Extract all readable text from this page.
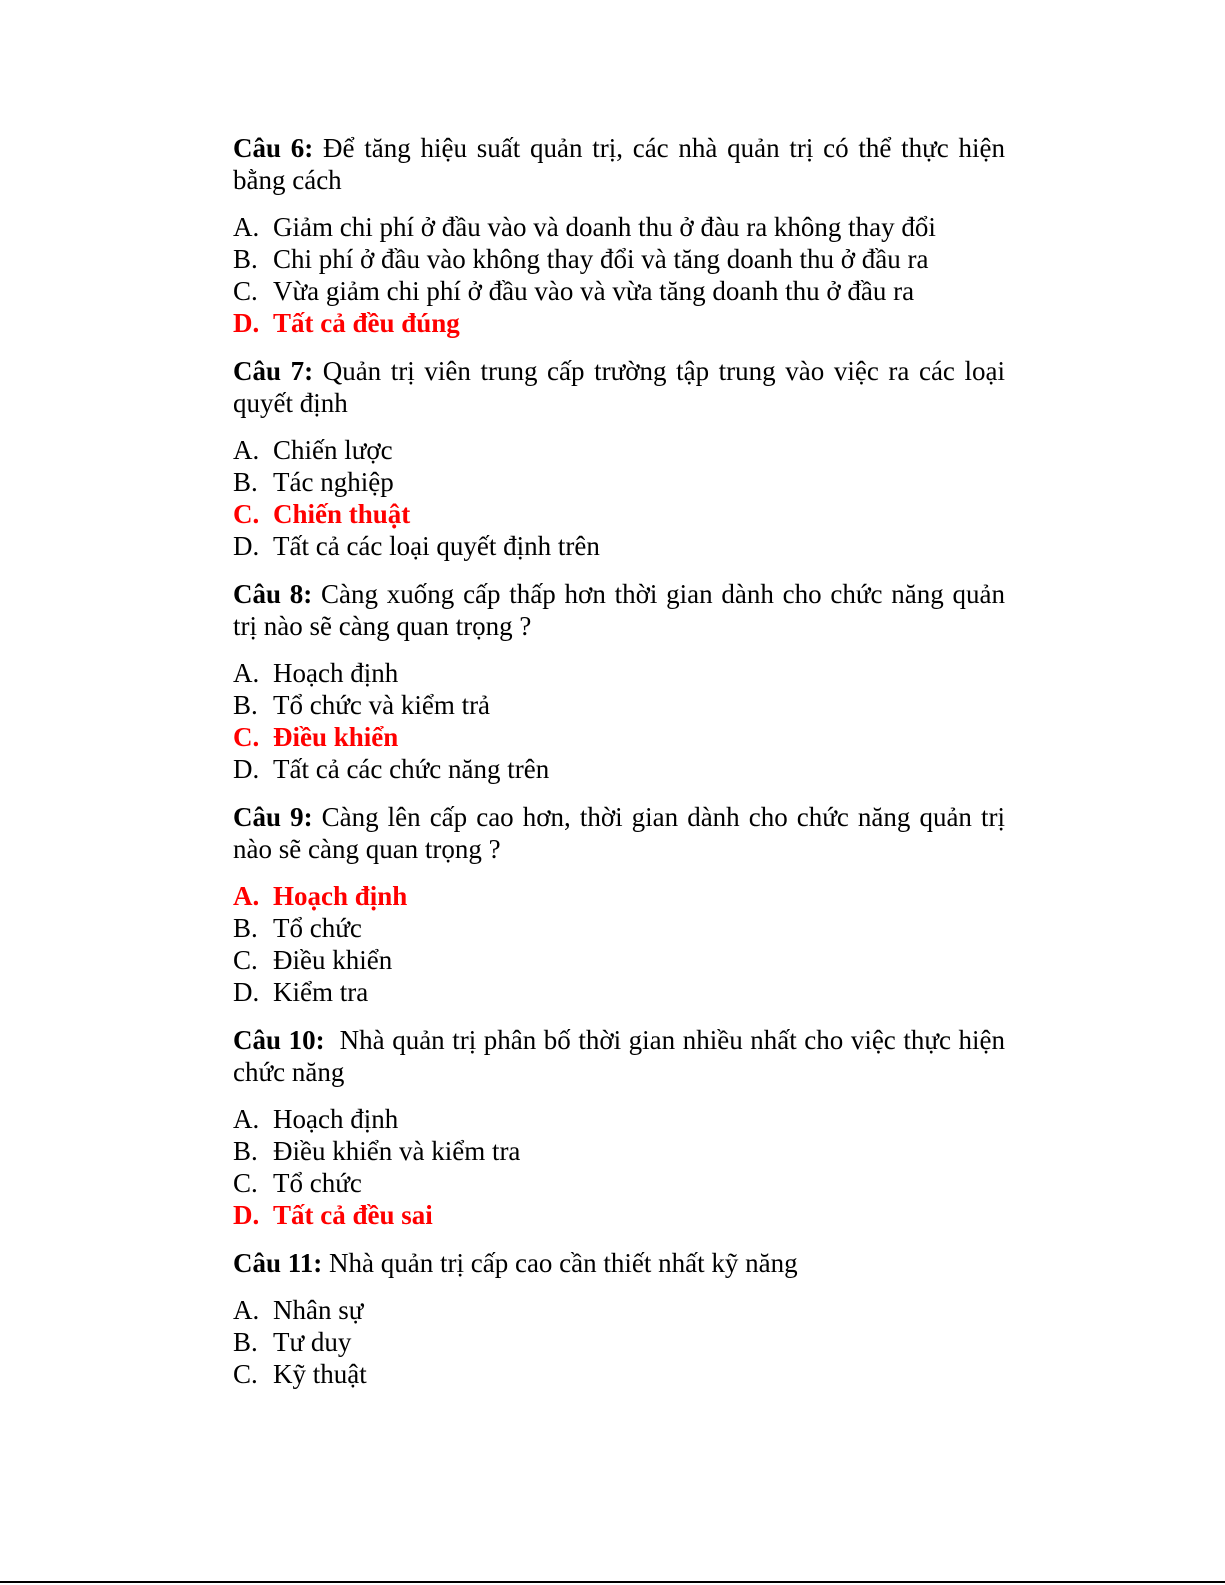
Câu 6: Để tăng hiệu suất quản trị, các nhà quản trị có thể thực hiện bằng cách

A. Giảm chi phí ở đầu vào và doanh thu ở đàu ra không thay đổi
B. Chi phí ở đầu vào không thay đổi và tăng doanh thu ở đầu ra
C. Vừa giảm chi phí ở đầu vào và vừa tăng doanh thu ở đầu ra
D. Tất cả đều đúng

Câu 7: Quản trị viên trung cấp trường tập trung vào việc ra các loại quyết định

A. Chiến lược
B. Tác nghiệp
C. Chiến thuật
D. Tất cả các loại quyết định trên

Câu 8: Càng xuống cấp thấp hơn thời gian dành cho chức năng quản trị nào sẽ càng quan trọng ?

A. Hoạch định
B. Tổ chức và kiểm trả
C. Điều khiển
D. Tất cả các chức năng trên

Câu 9: Càng lên cấp cao hơn, thời gian dành cho chức năng quản trị nào sẽ càng quan trọng ?

A. Hoạch định
B. Tổ chức
C. Điều khiển
D. Kiểm tra

Câu 10:  Nhà quản trị phân bố thời gian nhiều nhất cho việc thực hiện chức năng

A. Hoạch định
B. Điều khiển và kiểm tra
C. Tổ chức
D. Tất cả đều sai

Câu 11: Nhà quản trị cấp cao cần thiết nhất kỹ năng

A. Nhân sự
B. Tư duy
C. Kỹ thuật
